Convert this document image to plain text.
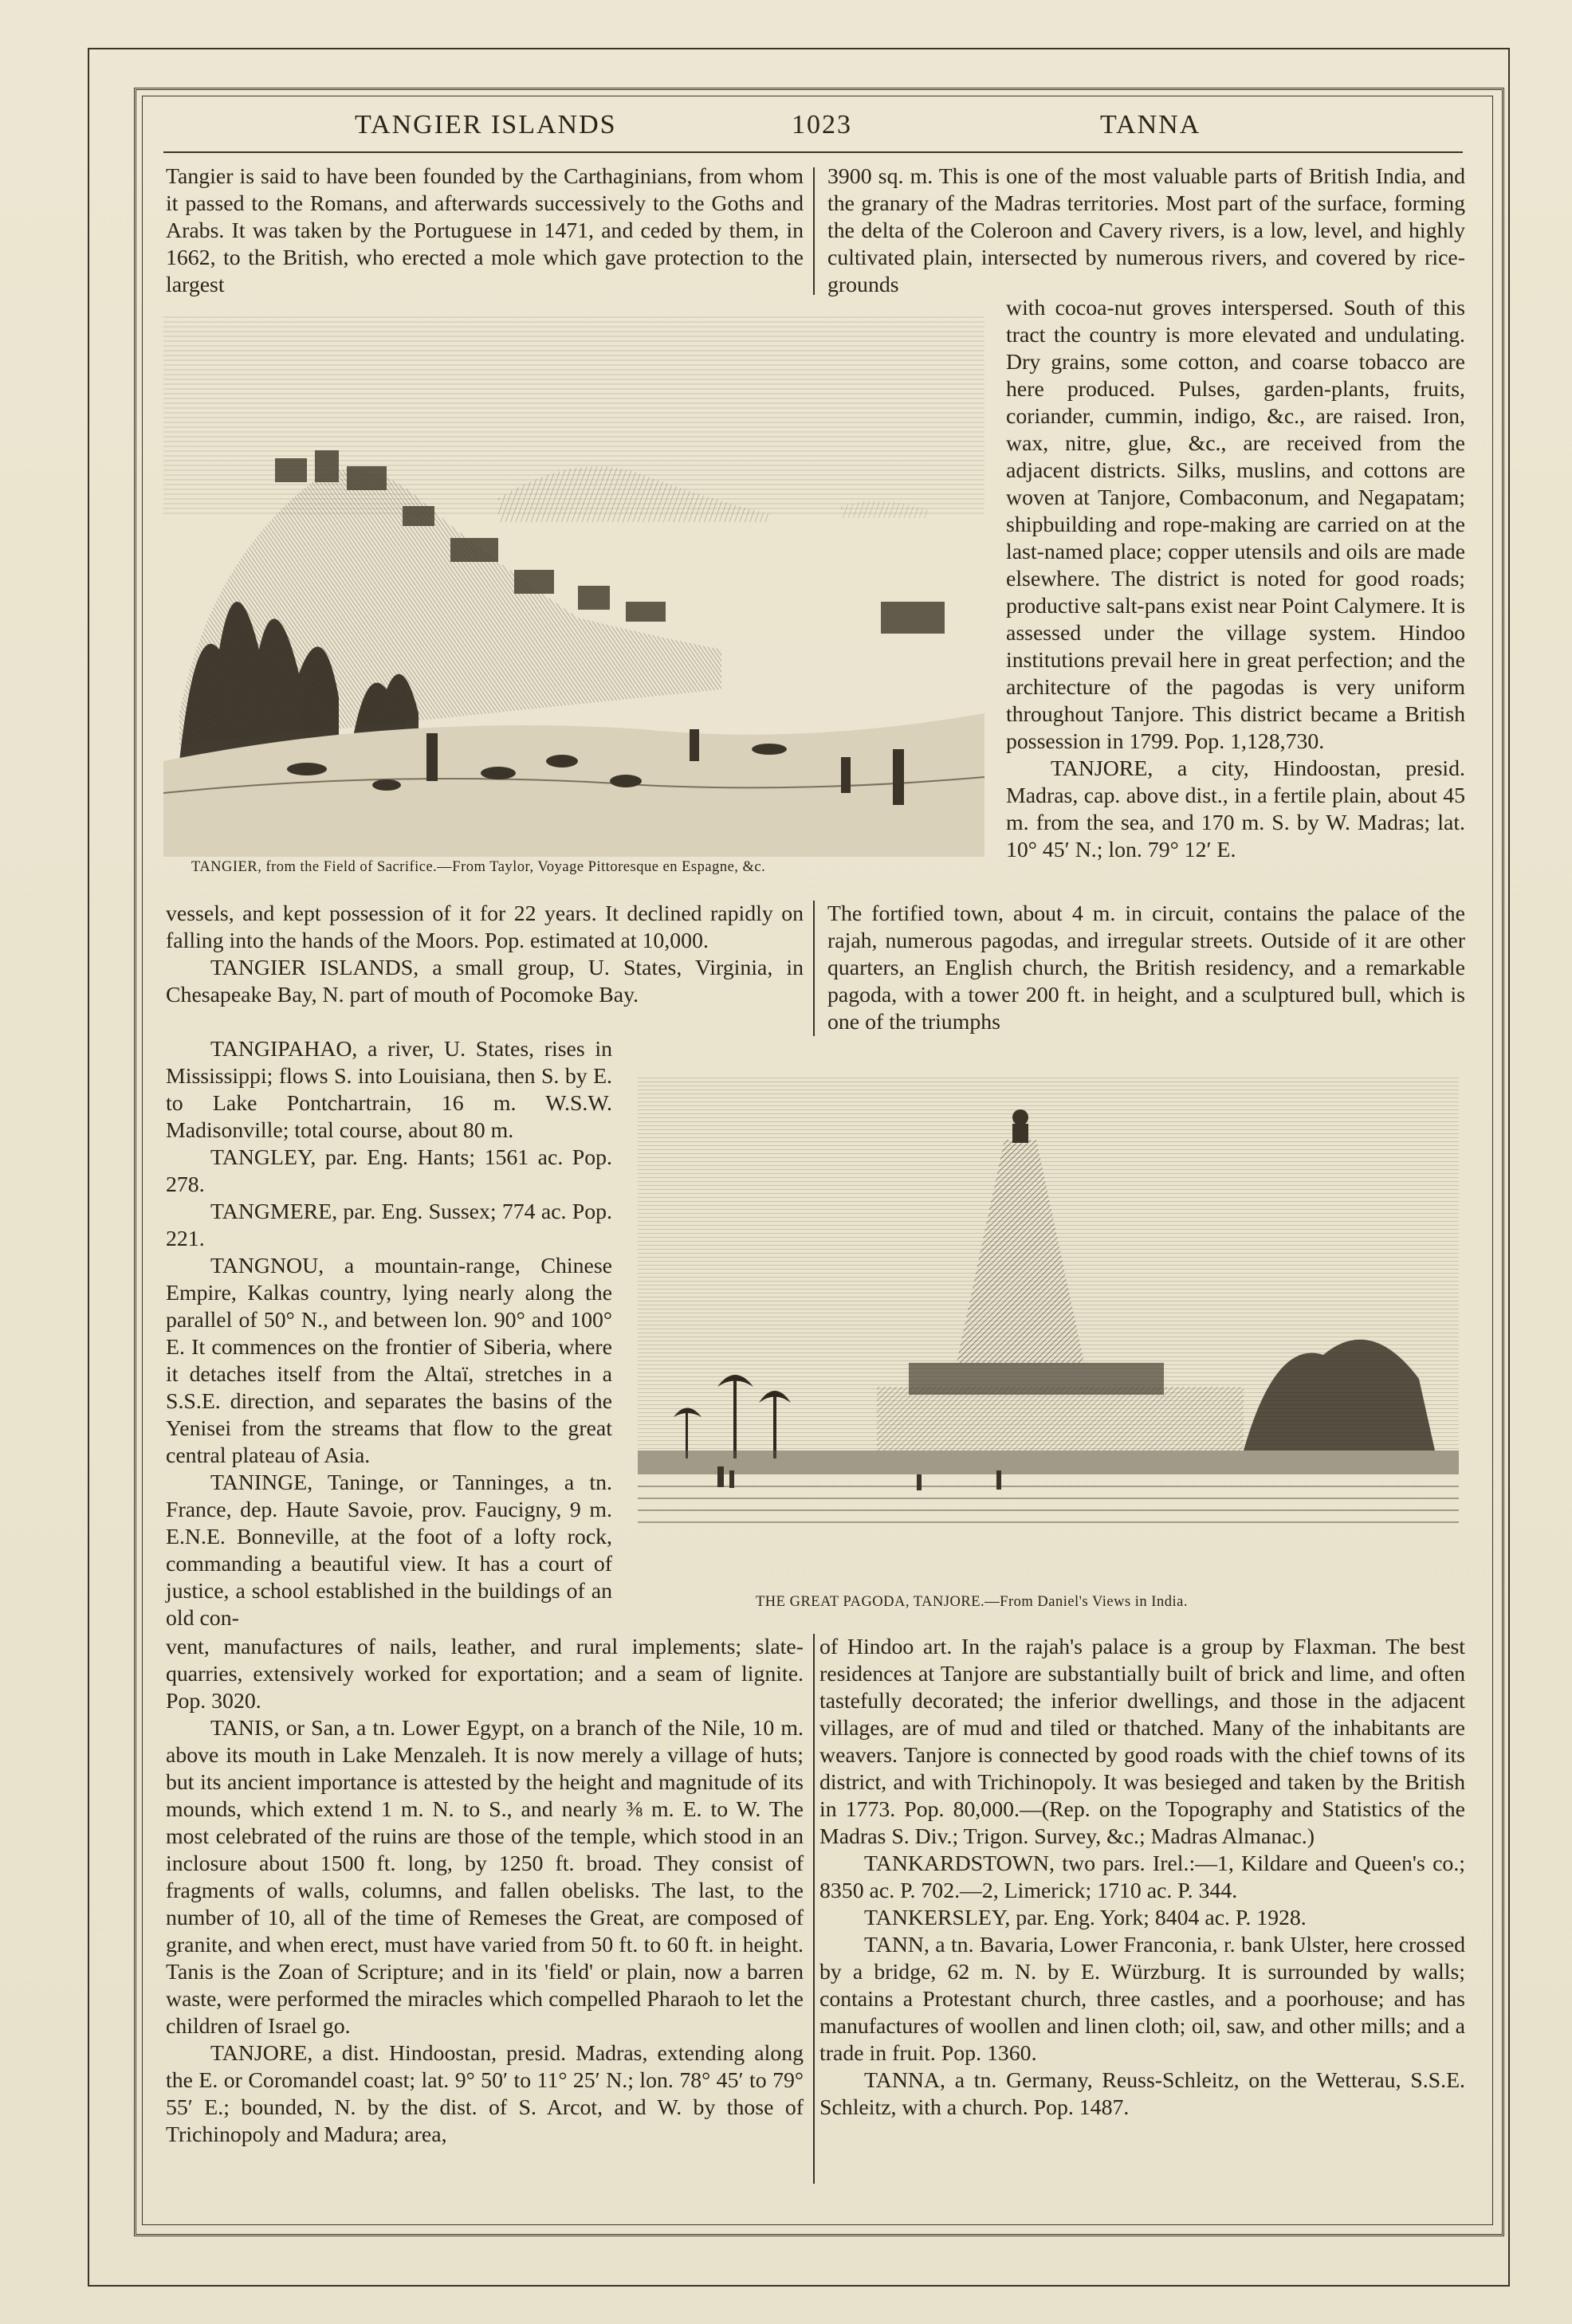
TANGIER ISLANDS	1023	TANNA

Tangier is said to have been founded by the Carthaginians, from whom it passed to the Romans, and afterwards successively to the Goths and Arabs. It was taken by the Portuguese in 1471, and ceded by them, in 1662, to the British, who erected a mole which gave protection to the largest

vessels, and kept possession of it for 22 years. It declined rapidly on falling into the hands of the Moors. Pop. estimated at 10,000.

TANGIER ISLANDS, a small group, U. States, Virginia, in Chesapeake Bay, N. part of mouth of Pocomoke Bay.

TANGIPAHAO, a river, U. States, rises in Mississippi; flows S. into Louisiana, then S. by E. to Lake Pontchartrain, 16 m. W.S.W. Madisonville; total course, about 80 m.

TANGLEY, par. Eng. Hants; 1561 ac. Pop. 278.

TANGMERE, par. Eng. Sussex; 774 ac. Pop. 221.

TANGNOU, a mountain-range, Chinese Empire, Kalkas country, lying nearly along the parallel of 50° N., and between lon. 90° and 100° E. It commences on the frontier of Siberia, where it detaches itself from the Altaï, stretches in a S.S.E. direction, and separates the basins of the Yenisei from the streams that flow to the great central plateau of Asia.

TANINGE, Taninge, or Tanninges, a tn. France, dep. Haute Savoie, prov. Faucigny, 9 m. E.N.E. Bonneville, at the foot of a lofty rock, commanding a beautiful view. It has a court of justice, a school established in the buildings of an old con-

vent, manufactures of nails, leather, and rural implements; slate-quarries, extensively worked for exportation; and a seam of lignite. Pop. 3020.

TANIS, or San, a tn. Lower Egypt, on a branch of the Nile, 10 m. above its mouth in Lake Menzaleh. It is now merely a village of huts; but its ancient importance is attested by the height and magnitude of its mounds, which extend 1 m. N. to S., and nearly ⅜ m. E. to W. The most celebrated of the ruins are those of the temple, which stood in an inclosure about 1500 ft. long, by 1250 ft. broad. They consist of fragments of walls, columns, and fallen obelisks. The last, to the number of 10, all of the time of Remeses the Great, are composed of granite, and when erect, must have varied from 50 ft. to 60 ft. in height. Tanis is the Zoan of Scripture; and in its 'field' or plain, now a barren waste, were performed the miracles which compelled Pharaoh to let the children of Israel go.

TANJORE, a dist. Hindoostan, presid. Madras, extending along the E. or Coromandel coast; lat. 9° 50′ to 11° 25′ N.; lon. 78° 45′ to 79° 55′ E.; bounded, N. by the dist. of S. Arcot, and W. by those of Trichinopoly and Madura; area,

3900 sq. m. This is one of the most valuable parts of British India, and the granary of the Madras territories. Most part of the surface, forming the delta of the Coleroon and Cavery rivers, is a low, level, and highly cultivated plain, intersected by numerous rivers, and covered by rice-grounds

with cocoa-nut groves interspersed. South of this tract the country is more elevated and undulating. Dry grains, some cotton, and coarse tobacco are here produced. Pulses, garden-plants, fruits, coriander, cummin, indigo, &c., are raised. Iron, wax, nitre, glue, &c., are received from the adjacent districts. Silks, muslins, and cottons are woven at Tanjore, Combaconum, and Negapatam; shipbuilding and rope-making are carried on at the last-named place; copper utensils and oils are made elsewhere. The district is noted for good roads; productive salt-pans exist near Point Calymere. It is assessed under the village system. Hindoo institutions prevail here in great perfection; and the architecture of the pagodas is very uniform throughout Tanjore. This district became a British possession in 1799. Pop. 1,128,730.

TANJORE, a city, Hindoostan, presid. Madras, cap. above dist., in a fertile plain, about 45 m. from the sea, and 170 m. S. by W. Madras; lat. 10° 45′ N.; lon. 79° 12′ E.

The fortified town, about 4 m. in circuit, contains the palace of the rajah, numerous pagodas, and irregular streets. Outside of it are other quarters, an English church, the British residency, and a remarkable pagoda, with a tower 200 ft. in height, and a sculptured bull, which is one of the triumphs

of Hindoo art. In the rajah's palace is a group by Flaxman. The best residences at Tanjore are substantially built of brick and lime, and often tastefully decorated; the inferior dwellings, and those in the adjacent villages, are of mud and tiled or thatched. Many of the inhabitants are weavers. Tanjore is connected by good roads with the chief towns of its district, and with Trichinopoly. It was besieged and taken by the British in 1773. Pop. 80,000.—(Rep. on the Topography and Statistics of the Madras S. Div.; Trigon. Survey, &c.; Madras Almanac.)

TANKARDSTOWN, two pars. Irel.:—1, Kildare and Queen's co.; 8350 ac. P. 702.—2, Limerick; 1710 ac. P. 344.

TANKERSLEY, par. Eng. York; 8404 ac. P. 1928.

TANN, a tn. Bavaria, Lower Franconia, r. bank Ulster, here crossed by a bridge, 62 m. N. by E. Würzburg. It is surrounded by walls; contains a Protestant church, three castles, and a poorhouse; and has manufactures of woollen and linen cloth; oil, saw, and other mills; and a trade in fruit. Pop. 1360.

TANNA, a tn. Germany, Reuss-Schleitz, on the Wetterau, S.S.E. Schleitz, with a church. Pop. 1487.

TANGIER, from the Field of Sacrifice.—From Taylor, Voyage Pittoresque en Espagne, &c.
THE GREAT PAGODA, TANJORE.—From Daniel's Views in India.
